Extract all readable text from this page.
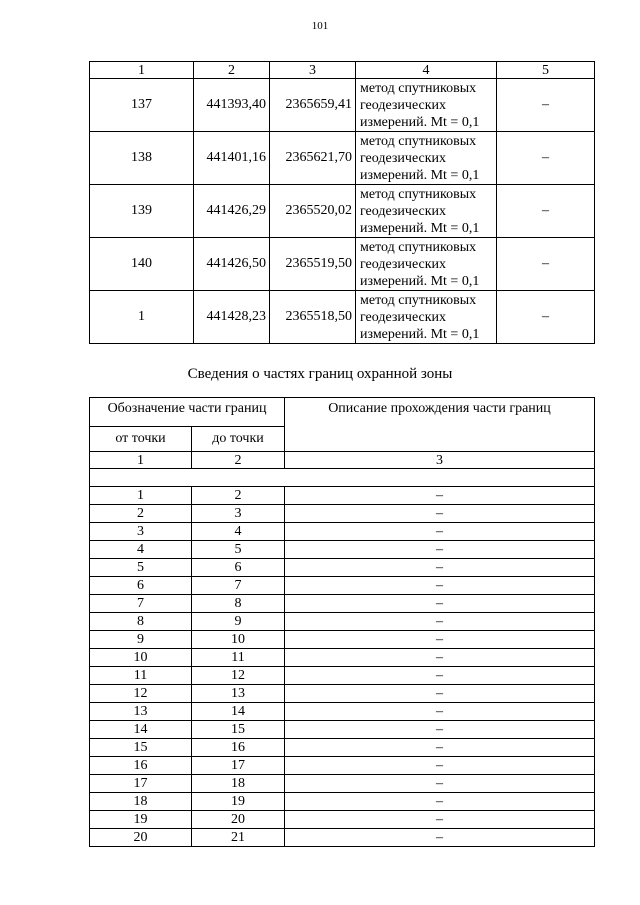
101
1	2	3	4	5
137	441393,40	2365659,41	метод спутниковых
геодезических
измерений. Mt = 0,1	–
138	441401,16	2365621,70	метод спутниковых
геодезических
измерений. Mt = 0,1	–
139	441426,29	2365520,02	метод спутниковых
геодезических
измерений. Mt = 0,1	–
140	441426,50	2365519,50	метод спутниковых
геодезических
измерений. Mt = 0,1	–
1	441428,23	2365518,50	метод спутниковых
геодезических
измерений. Mt = 0,1	–
Сведения о частях границ охранной зоны
Обозначение части границ		Описание прохождения части границ
от точки	до точки	
1	2	3

1	2	–
2	3	–
3	4	–
4	5	–
5	6	–
6	7	–
7	8	–
8	9	–
9	10	–
10	11	–
11	12	–
12	13	–
13	14	–
14	15	–
15	16	–
16	17	–
17	18	–
18	19	–
19	20	–
20	21	–
